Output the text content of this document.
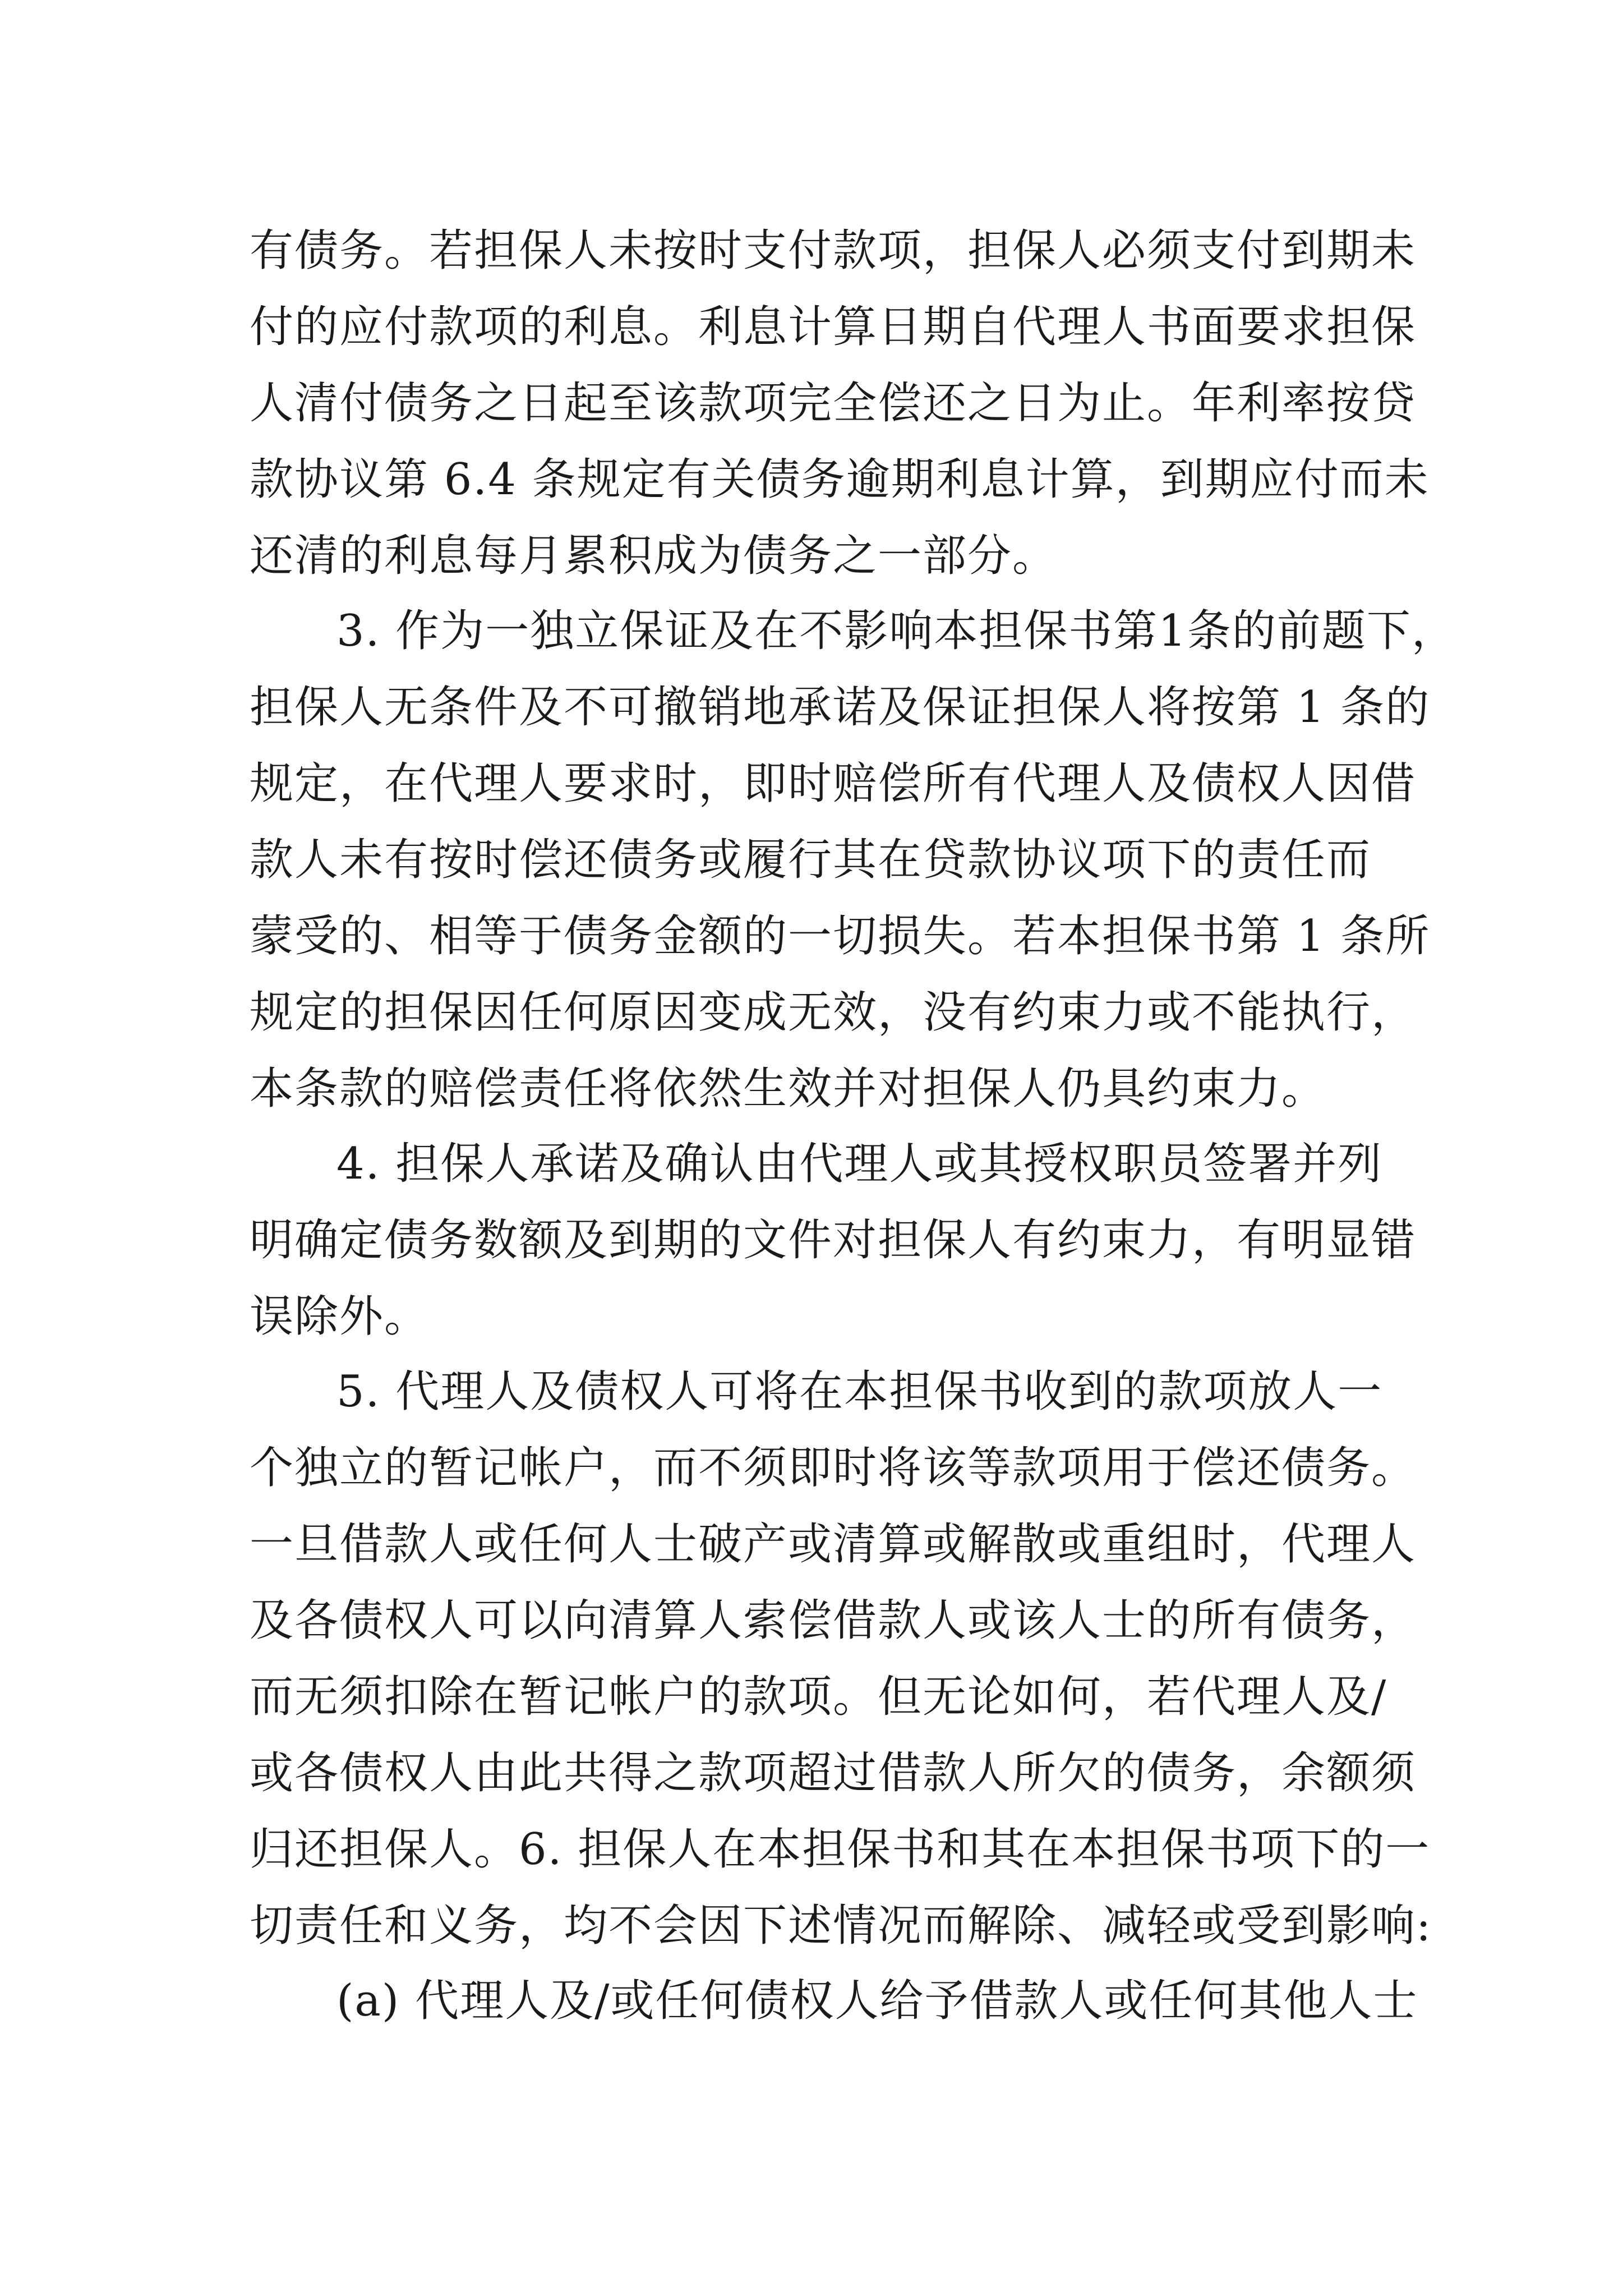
有债务。若担保人未按时支付款项，担保人必须支付到期未
付的应付款项的利息。利息计算日期自代理人书面要求担保
人清付债务之日起至该款项完全偿还之日为止。年利率按贷
款协议第 6.4 条规定有关债务逾期利息计算，到期应付而未
还清的利息每月累积成为债务之一部分。
3. 作为一独立保证及在不影响本担保书第1条的前题下，
担保人无条件及不可撤销地承诺及保证担保人将按第 1 条的
规定，在代理人要求时，即时赔偿所有代理人及债权人因借
款人未有按时偿还债务或履行其在贷款协议项下的责任而
蒙受的、相等于债务金额的一切损失。若本担保书第 1 条所
规定的担保因任何原因变成无效，没有约束力或不能执行，
本条款的赔偿责任将依然生效并对担保人仍具约束力。
4. 担保人承诺及确认由代理人或其授权职员签署并列
明确定债务数额及到期的文件对担保人有约束力，有明显错
误除外。
5. 代理人及债权人可将在本担保书收到的款项放人一
个独立的暂记帐户，而不须即时将该等款项用于偿还债务。
一旦借款人或任何人士破产或清算或解散或重组时，代理人
及各债权人可以向清算人索偿借款人或该人士的所有债务，
而无须扣除在暂记帐户的款项。但无论如何，若代理人及/
或各债权人由此共得之款项超过借款人所欠的债务，余额须
归还担保人。6. 担保人在本担保书和其在本担保书项下的一
切责任和义务，均不会因下述情况而解除、减轻或受到影响:
(a) 代理人及/或任何债权人给予借款人或任何其他人士
